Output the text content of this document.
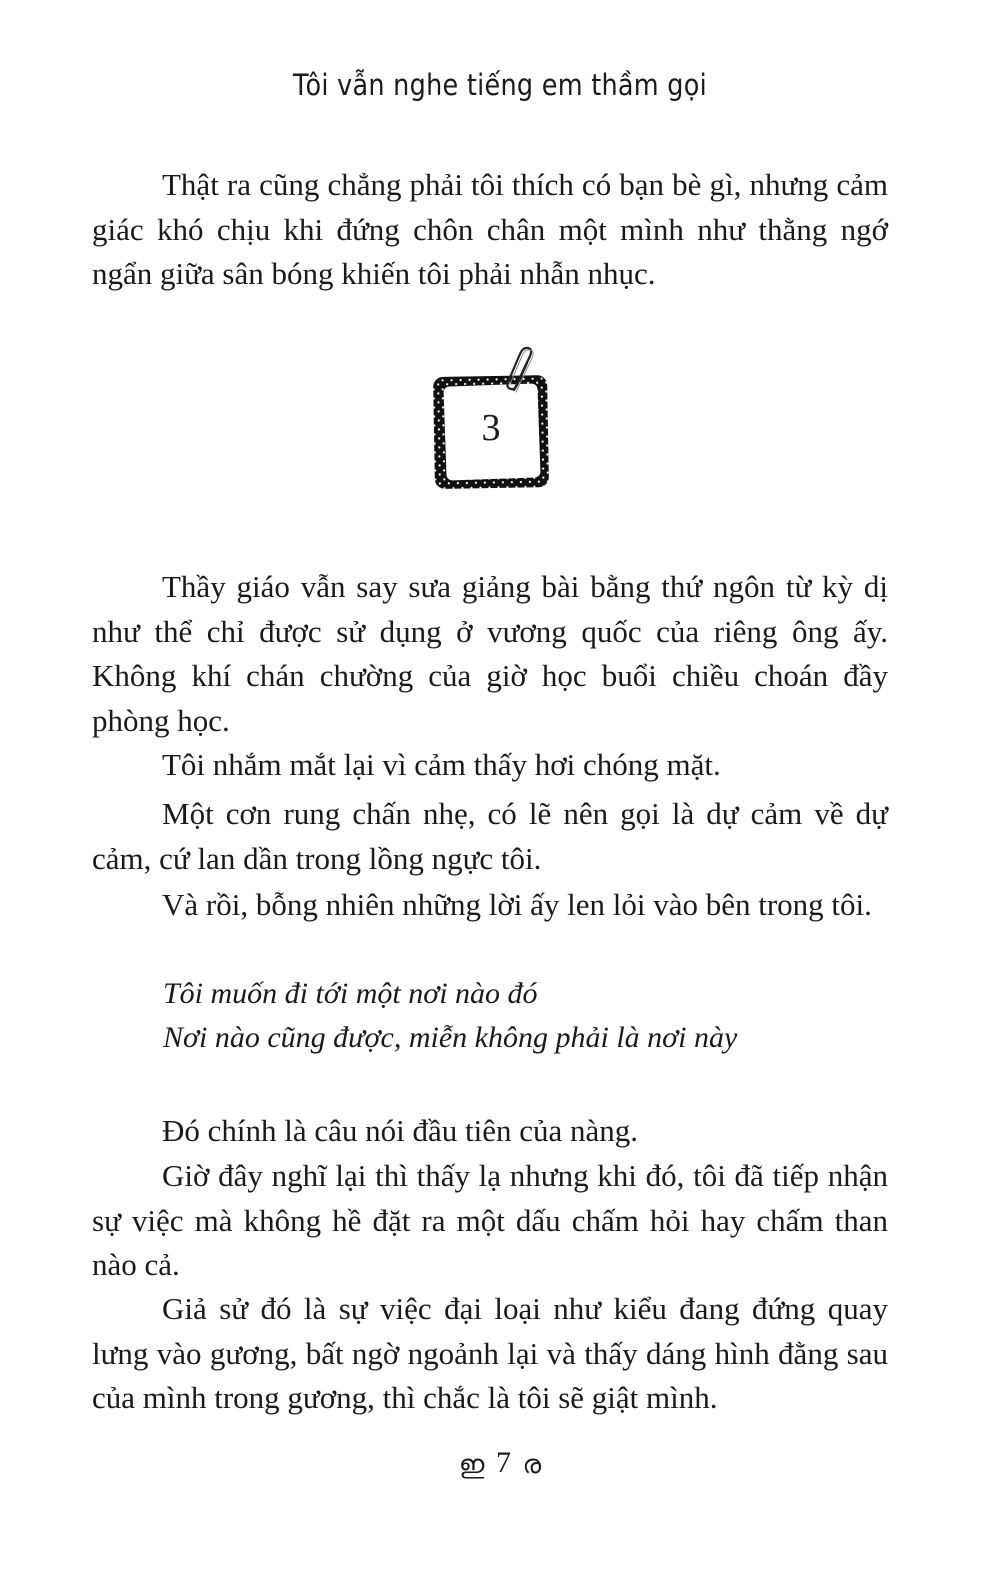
Tôi vẫn nghe tiếng em thầm gọi

Thật ra cũng chẳng phải tôi thích có bạn bè gì, nhưng cảm giác khó chịu khi đứng chôn chân một mình như thằng ngớ ngẩn giữa sân bóng khiến tôi phải nhẫn nhục.

3

Thầy giáo vẫn say sưa giảng bài bằng thứ ngôn từ kỳ dị như thể chỉ được sử dụng ở vương quốc của riêng ông ấy. Không khí chán chường của giờ học buổi chiều choán đầy phòng học.

Tôi nhắm mắt lại vì cảm thấy hơi chóng mặt.

Một cơn rung chấn nhẹ, có lẽ nên gọi là dự cảm về dự cảm, cứ lan dần trong lồng ngực tôi.

Và rồi, bỗng nhiên những lời ấy len lỏi vào bên trong tôi.

Tôi muốn đi tới một nơi nào đó
Nơi nào cũng được, miễn không phải là nơi này

Đó chính là câu nói đầu tiên của nàng.

Giờ đây nghĩ lại thì thấy lạ nhưng khi đó, tôi đã tiếp nhận sự việc mà không hề đặt ra một dấu chấm hỏi hay chấm than nào cả.

Giả sử đó là sự việc đại loại như kiểu đang đứng quay lưng vào gương, bất ngờ ngoảnh lại và thấy dáng hình đằng sau của mình trong gương, thì chắc là tôi sẽ giật mình.

ഇ 7 ര
